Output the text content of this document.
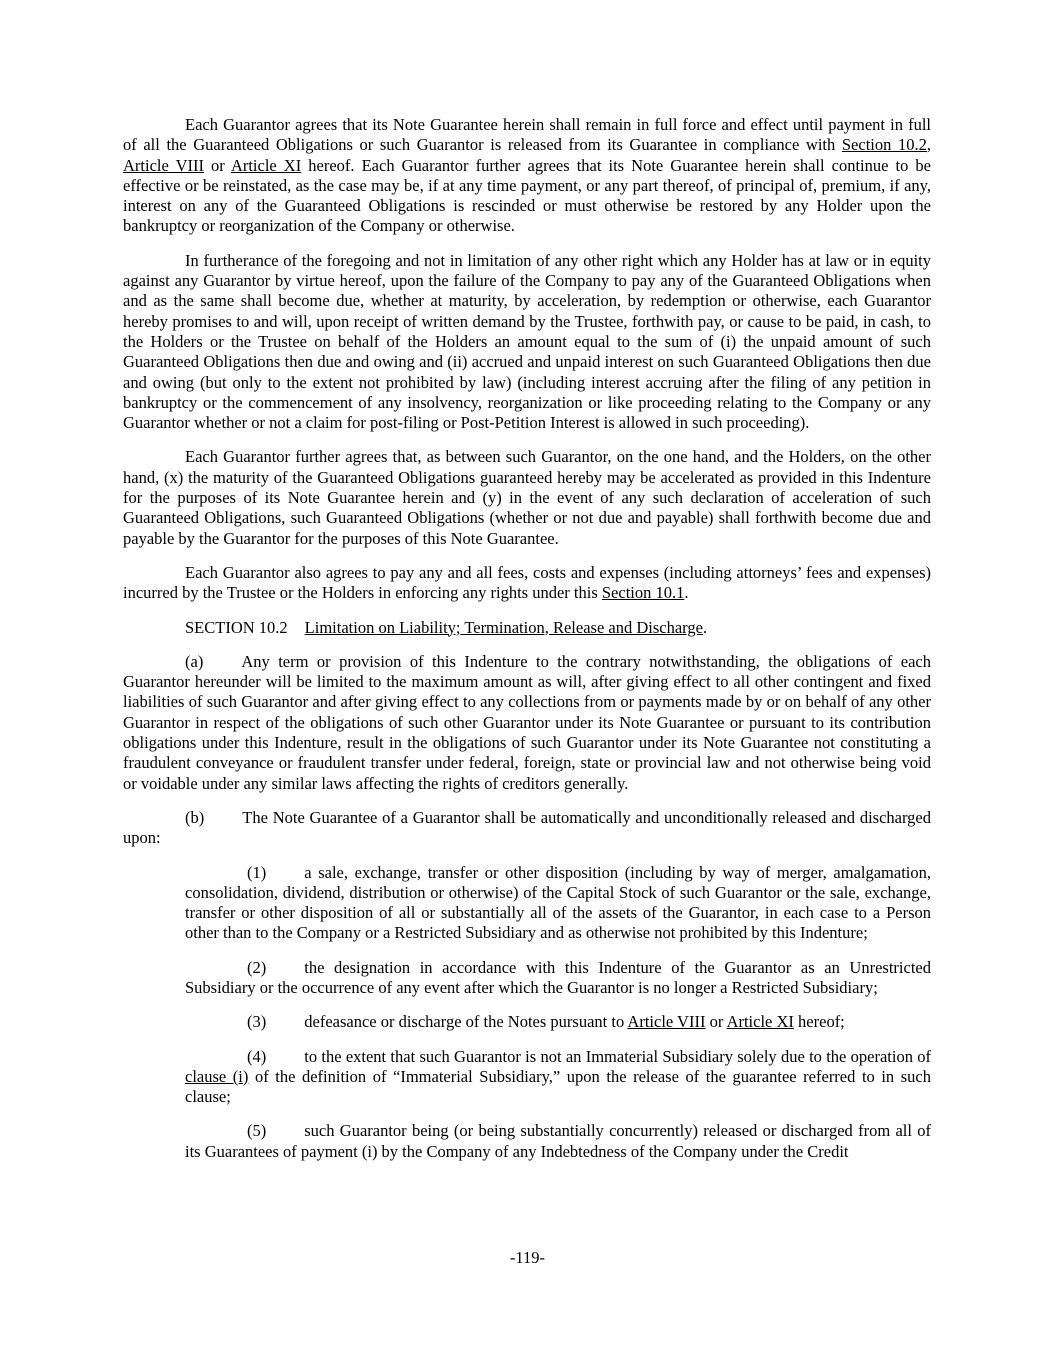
Each Guarantor agrees that its Note Guarantee herein shall remain in full force and effect until payment in full of all the Guaranteed Obligations or such Guarantor is released from its Guarantee in compliance with Section 10.2, Article VIII or Article XI hereof. Each Guarantor further agrees that its Note Guarantee herein shall continue to be effective or be reinstated, as the case may be, if at any time payment, or any part thereof, of principal of, premium, if any, interest on any of the Guaranteed Obligations is rescinded or must otherwise be restored by any Holder upon the bankruptcy or reorganization of the Company or otherwise.

In furtherance of the foregoing and not in limitation of any other right which any Holder has at law or in equity against any Guarantor by virtue hereof, upon the failure of the Company to pay any of the Guaranteed Obligations when and as the same shall become due, whether at maturity, by acceleration, by redemption or otherwise, each Guarantor hereby promises to and will, upon receipt of written demand by the Trustee, forthwith pay, or cause to be paid, in cash, to the Holders or the Trustee on behalf of the Holders an amount equal to the sum of (i) the unpaid amount of such Guaranteed Obligations then due and owing and (ii) accrued and unpaid interest on such Guaranteed Obligations then due and owing (but only to the extent not prohibited by law) (including interest accruing after the filing of any petition in bankruptcy or the commencement of any insolvency, reorganization or like proceeding relating to the Company or any Guarantor whether or not a claim for post-filing or Post-Petition Interest is allowed in such proceeding).

Each Guarantor further agrees that, as between such Guarantor, on the one hand, and the Holders, on the other hand, (x) the maturity of the Guaranteed Obligations guaranteed hereby may be accelerated as provided in this Indenture for the purposes of its Note Guarantee herein and (y) in the event of any such declaration of acceleration of such Guaranteed Obligations, such Guaranteed Obligations (whether or not due and payable) shall forthwith become due and payable by the Guarantor for the purposes of this Note Guarantee.

Each Guarantor also agrees to pay any and all fees, costs and expenses (including attorneys’ fees and expenses) incurred by the Trustee or the Holders in enforcing any rights under this Section 10.1.

SECTION 10.2 Limitation on Liability; Termination, Release and Discharge.

(a) Any term or provision of this Indenture to the contrary notwithstanding, the obligations of each Guarantor hereunder will be limited to the maximum amount as will, after giving effect to all other contingent and fixed liabilities of such Guarantor and after giving effect to any collections from or payments made by or on behalf of any other Guarantor in respect of the obligations of such other Guarantor under its Note Guarantee or pursuant to its contribution obligations under this Indenture, result in the obligations of such Guarantor under its Note Guarantee not constituting a fraudulent conveyance or fraudulent transfer under federal, foreign, state or provincial law and not otherwise being void or voidable under any similar laws affecting the rights of creditors generally.

(b) The Note Guarantee of a Guarantor shall be automatically and unconditionally released and discharged upon:

(1) a sale, exchange, transfer or other disposition (including by way of merger, amalgamation, consolidation, dividend, distribution or otherwise) of the Capital Stock of such Guarantor or the sale, exchange, transfer or other disposition of all or substantially all of the assets of the Guarantor, in each case to a Person other than to the Company or a Restricted Subsidiary and as otherwise not prohibited by this Indenture;

(2) the designation in accordance with this Indenture of the Guarantor as an Unrestricted Subsidiary or the occurrence of any event after which the Guarantor is no longer a Restricted Subsidiary;

(3) defeasance or discharge of the Notes pursuant to Article VIII or Article XI hereof;

(4) to the extent that such Guarantor is not an Immaterial Subsidiary solely due to the operation of clause (i) of the definition of “Immaterial Subsidiary,” upon the release of the guarantee referred to in such clause;

(5) such Guarantor being (or being substantially concurrently) released or discharged from all of its Guarantees of payment (i) by the Company of any Indebtedness of the Company under the Credit

-119-
